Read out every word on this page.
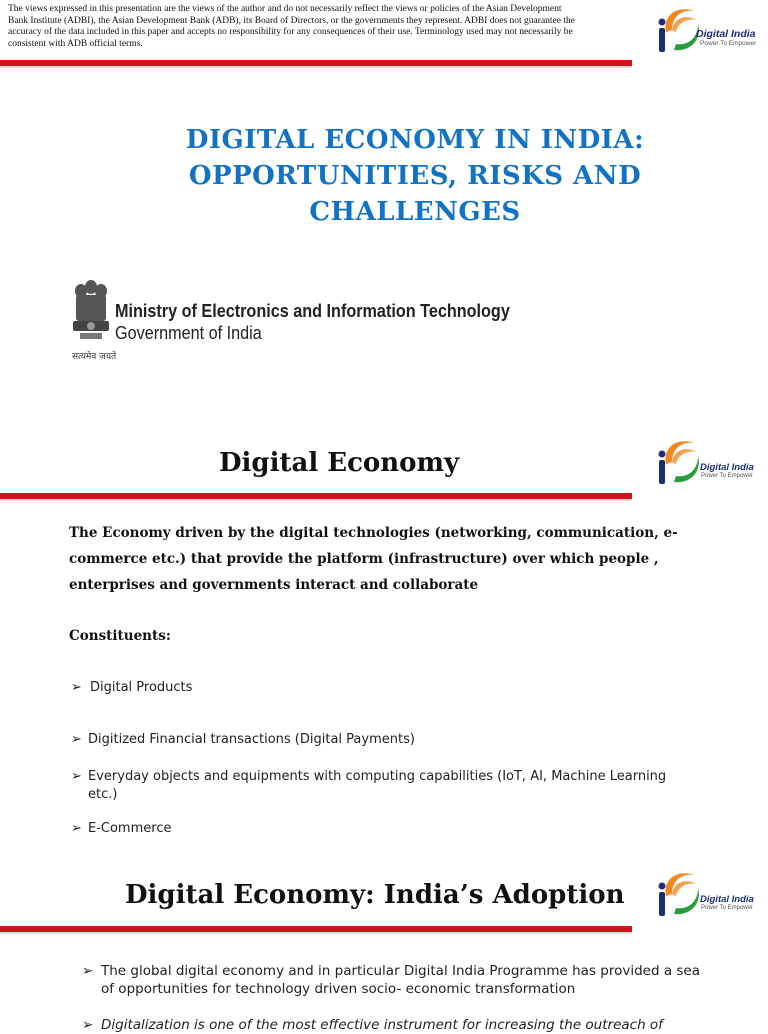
The views expressed in this presentation are the views of the author and do not necessarily reflect the views or policies of the Asian Development Bank Institute (ADBI), the Asian Development Bank (ADB), its Board of Directors, or the governments they represent. ADBI does not guarantee the accuracy of the data included in this paper and accepts no responsibility for any consequences of their use. Terminology used may not necessarily be consistent with ADB official terms.
Digital India
Power To Empower
DIGITAL ECONOMY IN INDIA:
OPPORTUNITIES, RISKS AND
CHALLENGES
Ministry of Electronics and Information Technology
Government of India
सत्यमेव जयते
Digital Economy	Digital India
Power To Empower
The Economy driven by the digital technologies (networking, communication, e-
commerce etc.) that provide the platform (infrastructure) over which people ,
enterprises and governments interact and collaborate
Constituents:
➢ Digital Products
➢ Digitized Financial transactions (Digital Payments)
➢ Everyday objects and equipments with computing capabilities (IoT, AI, Machine Learning etc.)
➢ E-Commerce
Digital Economy: India’s Adoption	Digital India
Power To Empower
➢ The global digital economy and in particular Digital India Programme has provided a sea of opportunities for technology driven socio- economic transformation
➢ Digitalization is one of the most effective instrument for increasing the outreach of
